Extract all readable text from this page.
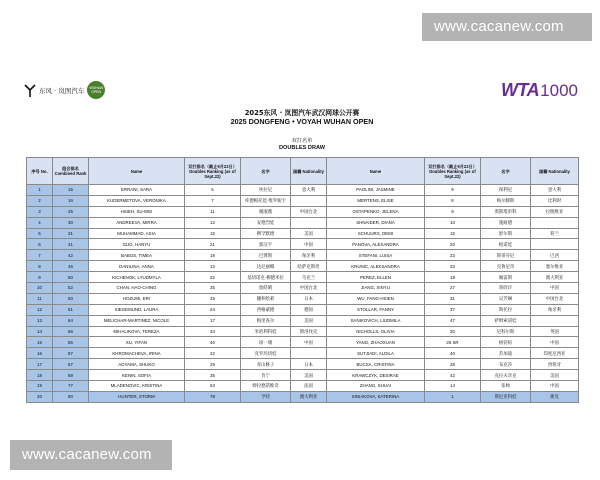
www.cacanew.com
东风 · 岚图汽车	WUHAN OPEN	WTA 1000
2025东风 · 岚图汽车武汉网球公开赛
2025 DONGFENG • VOYAH WUHAN OPEN
双打名单
DOUBLES DRAW
序号 No.	组合排名 Combined Rank	Name	双打排名（截止9月22日） Doubles Ranking (as of Sept.22)	名字	国籍 Nationality	Name	双打排名（截止9月22日） Doubles Ranking (as of Sept.22)	名字	国籍 Nationality
1	15	ERRANI, SARA	5	埃拉尼	意大利	PAOLINI, JASMINE	9	保利尼	意大利
2	16	KUDERMETOVA, VERONIKA	7	库德梅托娃·维罗妮卡		MERTENS, ELISE	8	梅尔滕斯	比利时
3	25	HSIEH, SU-WEI	11	谢淑薇	中国台北	OSTAPENKO, JELENA	9	奥斯塔彭科	拉脱维亚
4	30	ANDREEVA, MIRRA	12	安德烈娃		SHNAIDER, DIANA	10	施耐德	
5	31	MUHAMMAD, ASIA	15	穆罕默德	美国	SCHUURS, DEMI	15	舒尔斯	荷兰
6	41	GUO, HANYU	21	郭汉宇	中国	PANOVA, ALEXANDRA	20	帕诺娃	
7	42	BABOS, TIMEA	19	巴博斯	匈牙利	STEFANI, LUISA	23	斯蒂芬尼	巴西
8	46	DANILINA, ANNA	13	达尼丽娜	哈萨克斯坦	KRUNIC, ALEKSANDRA	33	克鲁尼奇	塞尔维亚
9	50	KICHENOK, LYUDMYLA	22	基切诺克·柳德米拉	乌克兰	PEREZ, ELLEN	18	佩雷斯	澳大利亚
10	52	CHAN, HAO-CHING	25	詹皓晴	中国台北	JIANG, XINYU	27	蒋欣玗	中国
11	60	HOZUMI, ERI	25	穗积绘莉	日本	WU, FANG-HSIEN	31	吴芳娴	中国台北
12	61	SIEGEMUND, LAURA	24	西格蒙德	德国	STOLLAR, FANNY	37	斯托拉	匈牙利
13	64	MELICHAR-MARTINEZ, NICOLE	17	梅里查尔	美国	SANIKOVICH, LIUDMILA	47	萨姆索诺娃	
14	66	MIHALIKOVA, TEREZA	34	米哈利科娃	斯洛伐克	NICHOLLS, OLIVIA	30	尼科尔斯	英国
15	85	XU, YIFAN	40	徐一璠	中国	YANG, ZHAOXUAN	26 SR	杨钊煊	中国
16	87	KHROMACHEVA, IRINA	22	克罗玛切娃		SUTJIADI, ALDILA	40	苏加迪	印度尼西亚
17	67	AOYAMA, SHUKO	29	青山修子	日本	BUCSA, CRISTINA	28	布克莎	西班牙
18	69	KENIN, SOFIA	35	肯宁	美国	KRAWCZYK, DESIRAE	42	克拉夫奇克	美国
19	77	MLADENOVIC, KRISTINA	63	姆拉德诺维奇	法国	ZHANG, SHUAI	14	张帅	中国
20	80	HUNTER, STORM	78	亨特	澳大利亚	SINIAKOVA, KATERINA	1	斯尼亚科娃	捷克
www.cacanew.com
